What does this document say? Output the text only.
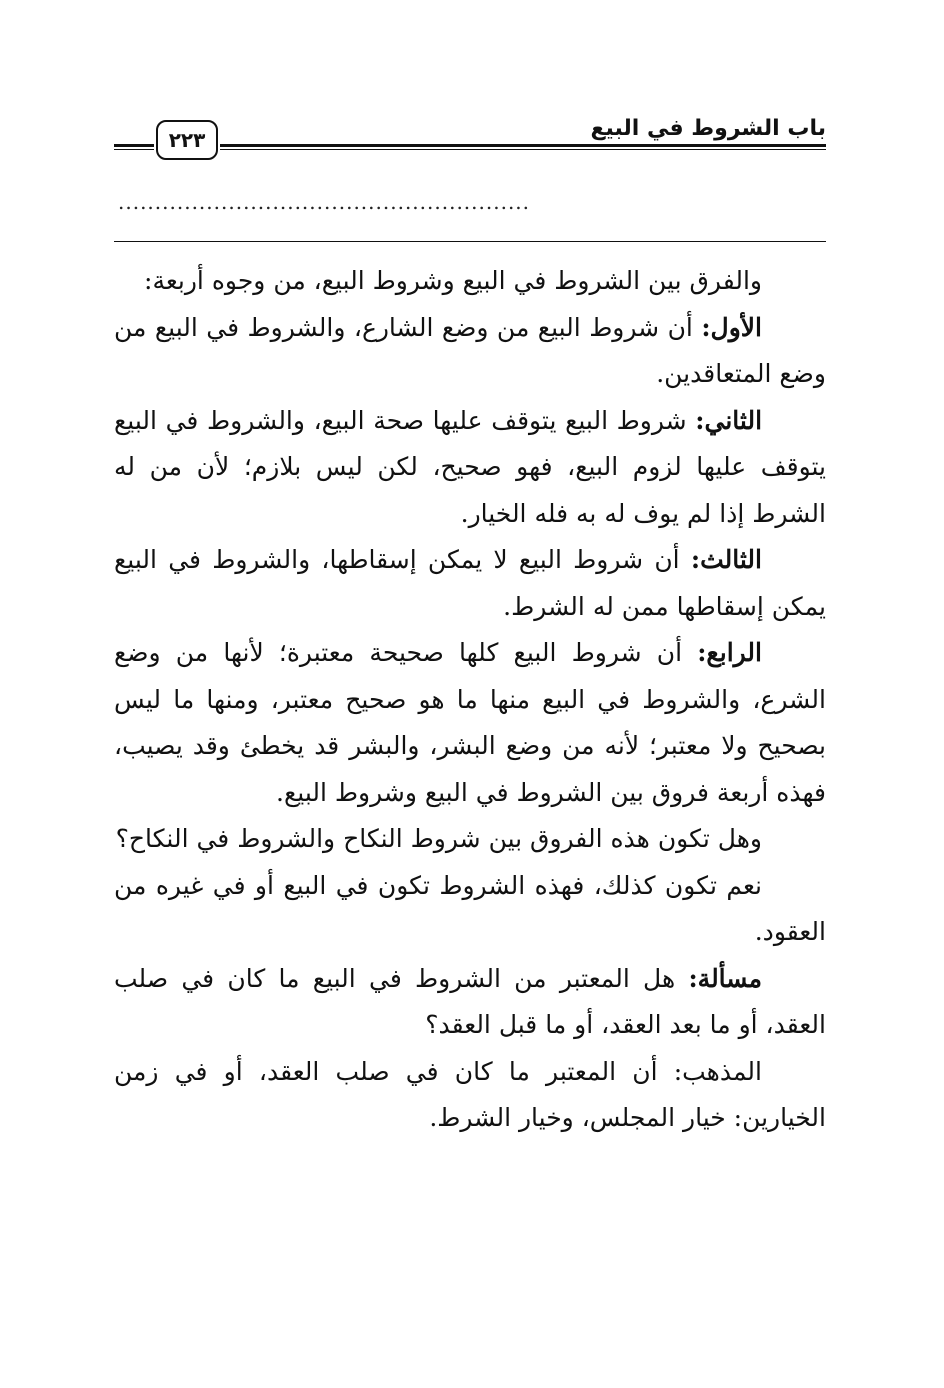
٢٢٣	باب الشروط في البيع
........................................................

والفرق بين الشروط في البيع وشروط البيع، من وجوه أربعة:

الأول: أن شروط البيع من وضع الشارع، والشروط في البيع من وضع المتعاقدين.

الثاني: شروط البيع يتوقف عليها صحة البيع، والشروط في البيع يتوقف عليها لزوم البيع، فهو صحيح، لكن ليس بلازم؛ لأن من له الشرط إذا لم يوف له به فله الخيار.

الثالث: أن شروط البيع لا يمكن إسقاطها، والشروط في البيع يمكن إسقاطها ممن له الشرط.

الرابع: أن شروط البيع كلها صحيحة معتبرة؛ لأنها من وضع الشرع، والشروط في البيع منها ما هو صحيح معتبر، ومنها ما ليس بصحيح ولا معتبر؛ لأنه من وضع البشر، والبشر قد يخطئ وقد يصيب، فهذه أربعة فروق بين الشروط في البيع وشروط البيع.

وهل تكون هذه الفروق بين شروط النكاح والشروط في النكاح؟

نعم تكون كذلك، فهذه الشروط تكون في البيع أو في غيره من العقود.

مسألة: هل المعتبر من الشروط في البيع ما كان في صلب العقد، أو ما بعد العقد، أو ما قبل العقد؟

المذهب: أن المعتبر ما كان في صلب العقد، أو في زمن الخيارين: خيار المجلس، وخيار الشرط.
